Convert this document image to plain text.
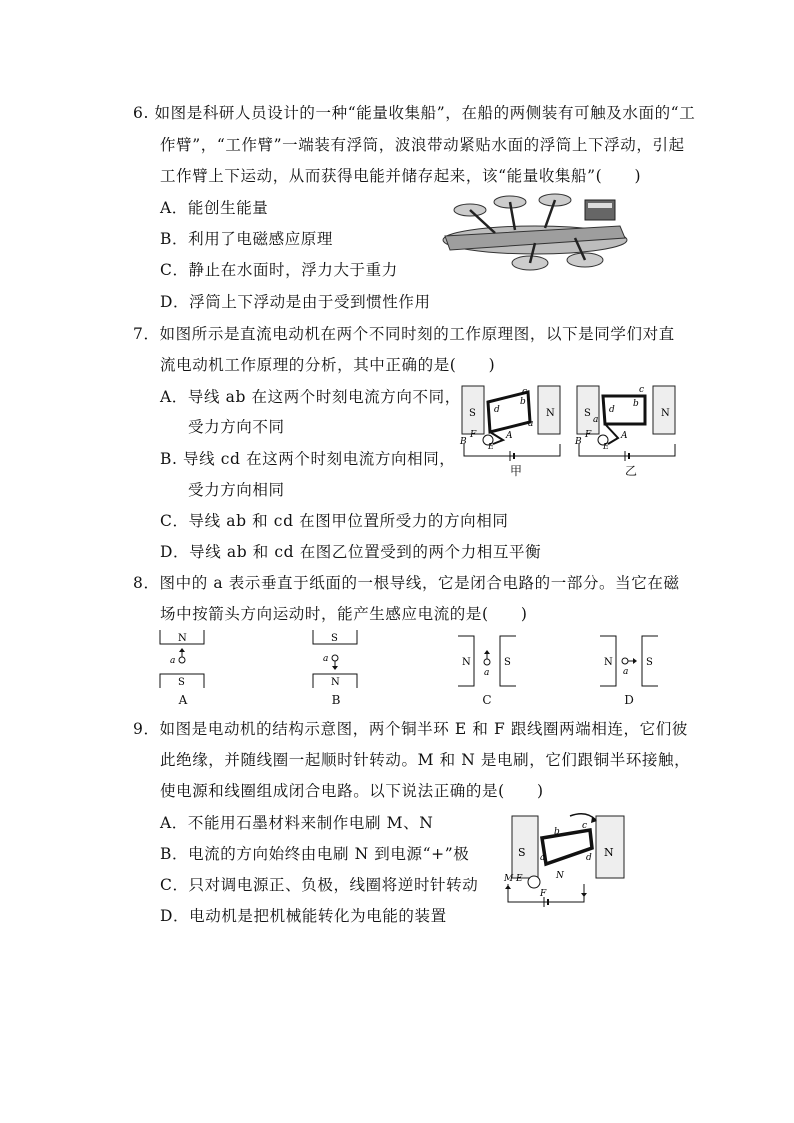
6. 如图是科研人员设计的一种“能量收集船”，在船的两侧装有可触及水面的“工
作臂”，“工作臂”一端装有浮筒，波浪带动紧贴水面的浮筒上下浮动，引起
工作臂上下运动，从而获得电能并储存起来，该“能量收集船”(　　)
A．能创生能量
B．利用了电磁感应原理
C．静止在水面时，浮力大于重力
D．浮筒上下浮动是由于受到惯性作用
7．如图所示是直流电动机在两个不同时刻的工作原理图，以下是同学们对直
流电动机工作原理的分析，其中正确的是(　　)
A．导线 ab 在这两个时刻电流方向不同，
受力方向不同
B. 导线 cd 在这两个时刻电流方向相同，
受力方向相同
C．导线 ab 和 cd 在图甲位置所受力的方向相同
D．导线 ab 和 cd 在图乙位置受到的两个力相互平衡
S	N
d
b
c
a
F
B
A
E
甲
S	N
d
b
c
a
F
B
A
E
乙
8．图中的 a 表示垂直于纸面的一根导线，它是闭合电路的一部分。当它在磁
场中按箭头方向运动时，能产生感应电流的是(　　)
N
a
S
A
S
a
N
B
N
a
S
C
N
a
S
D
9．如图是电动机的结构示意图，两个铜半环 E 和 F 跟线圈两端相连，它们彼
此绝缘，并随线圈一起顺时针转动。M 和 N 是电刷，它们跟铜半环接触，
使电源和线圈组成闭合电路。以下说法正确的是(　　)
A．不能用石墨材料来制作电刷 M、N
B．电流的方向始终由电刷 N 到电源“+”极
C．只对调电源正、负极，线圈将逆时针转动
D．电动机是把机械能转化为电能的装置
S	N
b
c
d
a
E
F
M	N
